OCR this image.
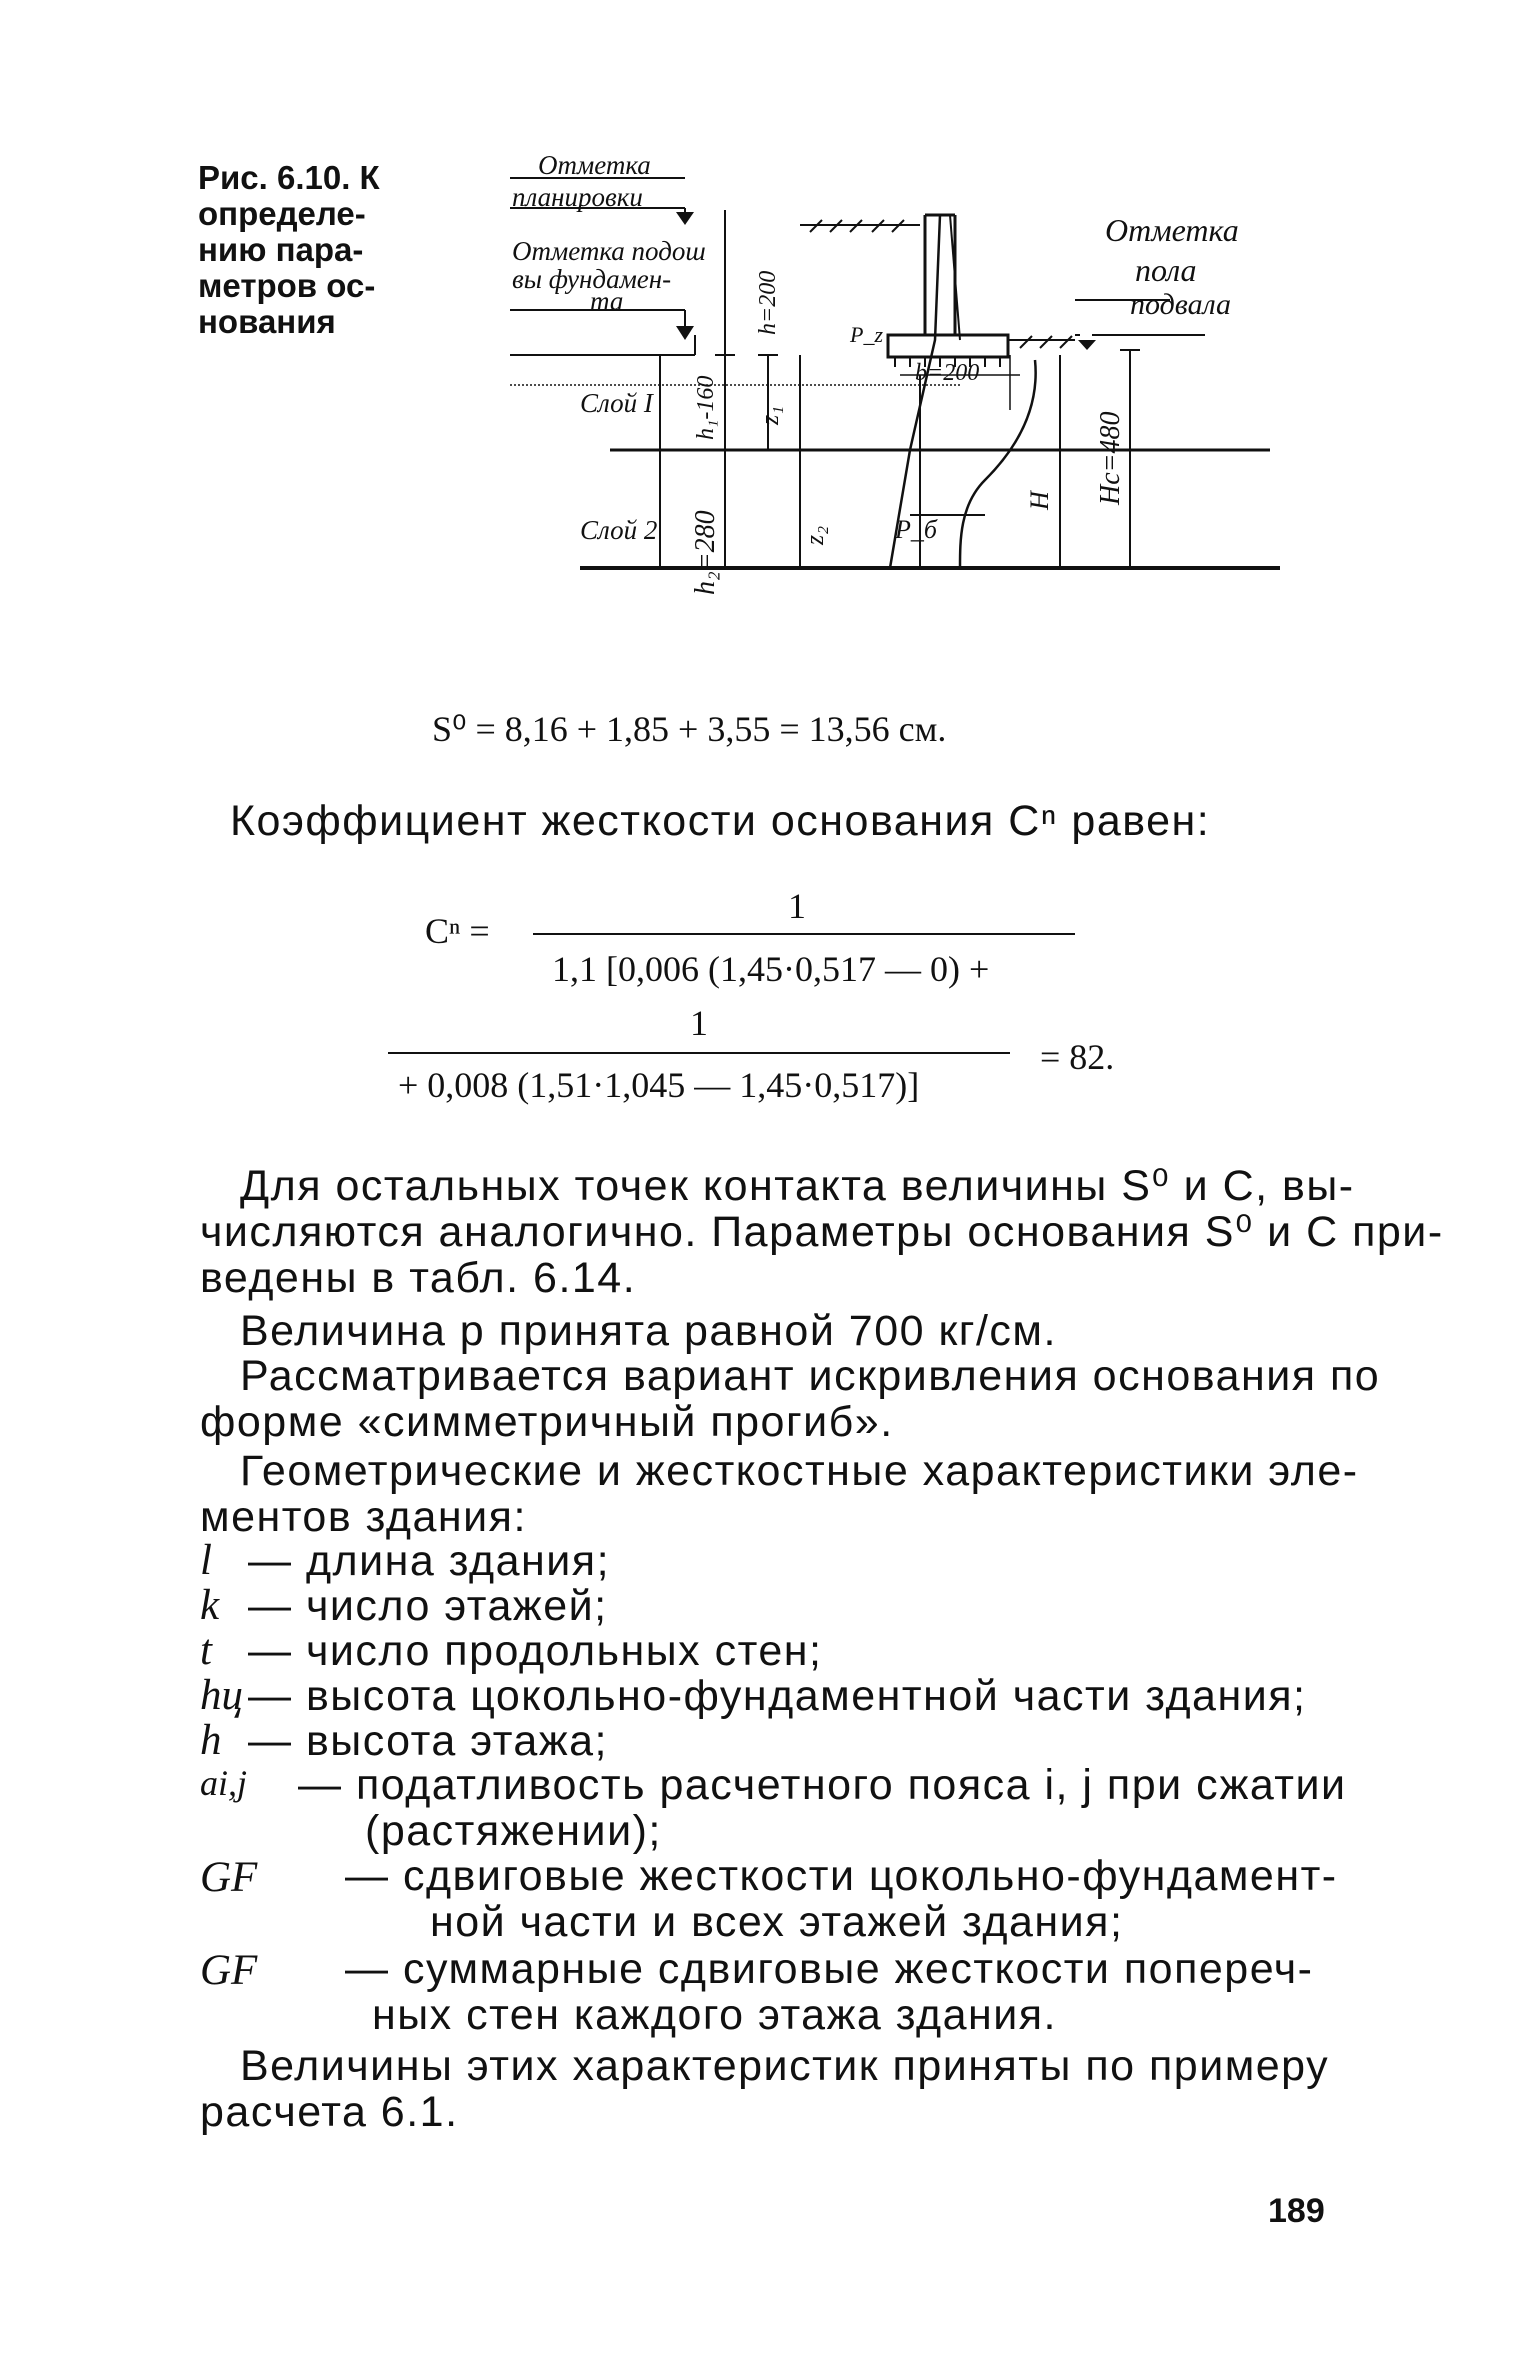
Рис. 6.10. К
определе-
нию пара-
метров ос-
нования
Отметка
планировки
Отметка подош
вы фундамен-
та
Отметка
пола
подвала
Слой I
Слой 2
b=200
P_z
P_б
h=200
h₁-160
h₂=280
z₁
z₂
H Hc=480
S⁰ = 8,16 + 1,85 + 3,55 = 13,56 см.
Коэффициент жесткости основания Cⁿ равен:
Cⁿ =
1
1,1 [0,006 (1,45·0,517 — 0) +
1
+ 0,008 (1,51·1,045 — 1,45·0,517)]
= 82.
Для остальных точек контакта величины S⁰ и C, вы-
числяются аналогично. Параметры основания S⁰ и C при-
ведены в табл. 6.14.
Величина p принята равной 700 кг/см.
Рассматривается вариант искривления основания по
форме «симметричный прогиб».
Геометрические и жесткостные характеристики эле-
ментов здания:
l — длина здания;
k — число этажей;
t — число продольных стен;
hц — высота цокольно-фундаментной части здания;
h — высота этажа;
ai,j — податливость расчетного пояса i, j при сжатии
(растяжении);
GF — сдвиговые жесткости цокольно-фундамент-
ной части и всех этажей здания;
GF — суммарные сдвиговые жесткости попереч-
ных стен каждого этажа здания.
Величины этих характеристик приняты по примеру
расчета 6.1.
189
